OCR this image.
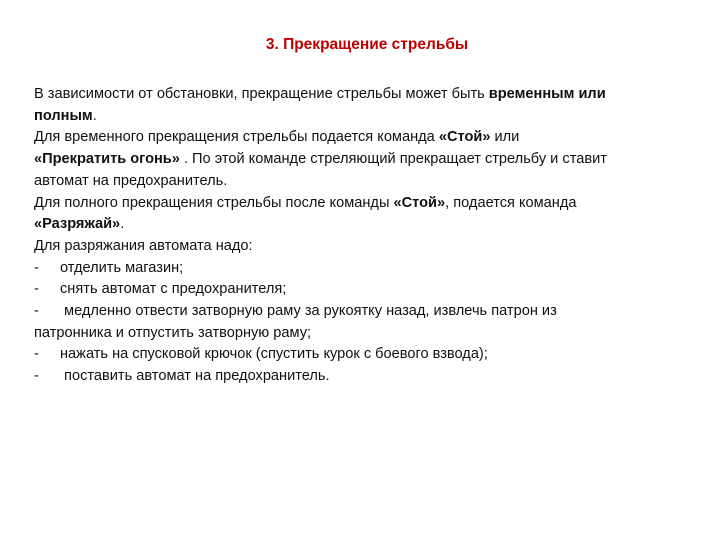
3. Прекращение стрельбы
В зависимости от обстановки, прекращение стрельбы может быть временным или
полным.
Для временного прекращения стрельбы подается команда «Стой» или
«Прекратить огонь» . По этой команде стреляющий прекращает стрельбу и ставит
автомат на предохранитель.
Для полного прекращения стрельбы после команды «Стой», подается команда
«Разряжай».
Для разряжания автомата надо:
- отделить магазин;
- снять автомат с предохранителя;
- медленно отвести затворную раму за рукоятку назад, извлечь патрон из
патронника и отпустить затворную раму;
- нажать на спусковой крючок (спустить курок с боевого взвода);
- поставить автомат на предохранитель.
